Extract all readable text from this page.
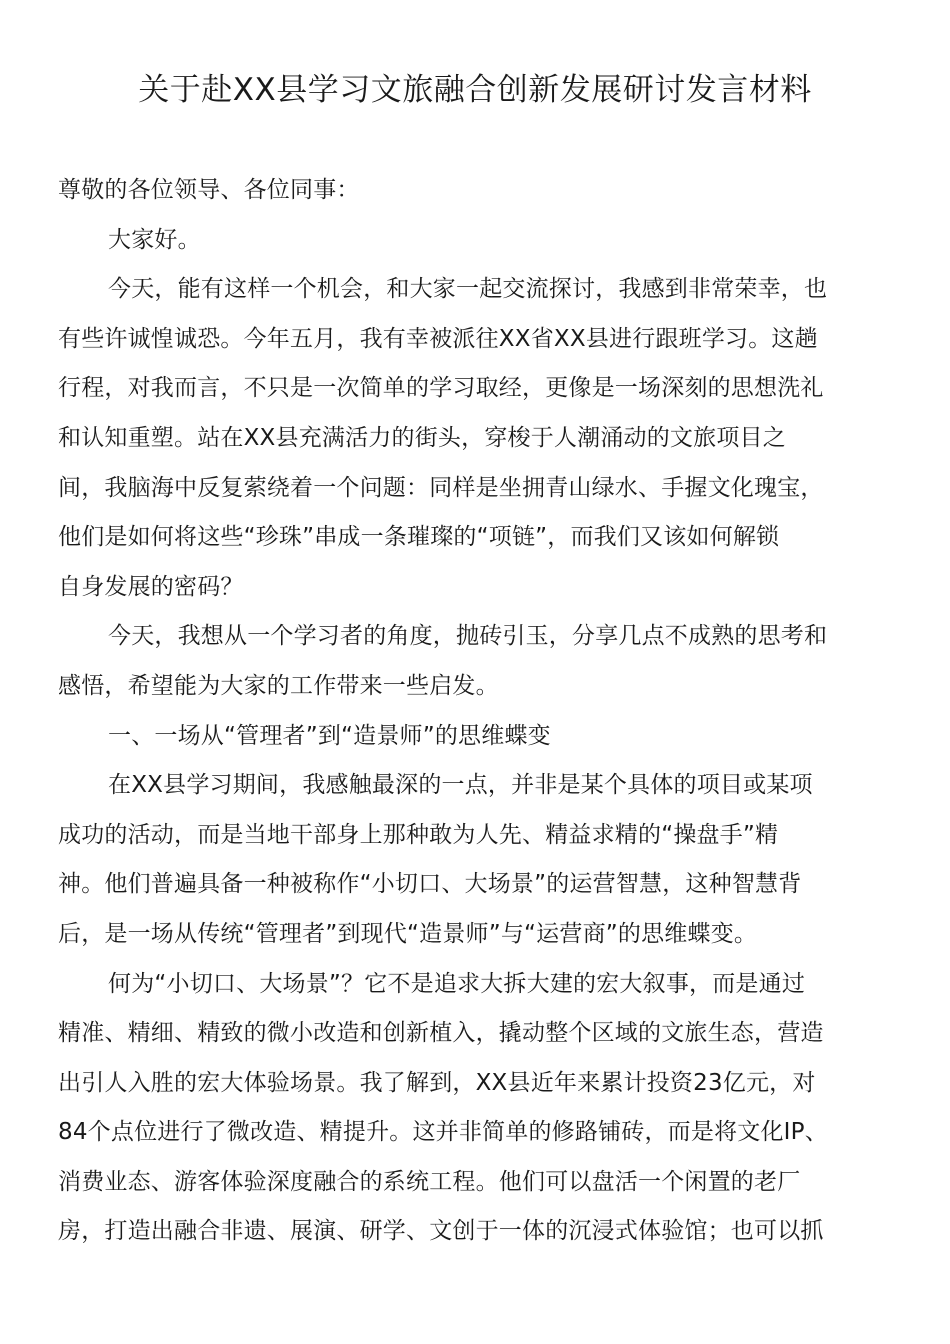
关于赴XX县学习文旅融合创新发展研讨发言材料
尊敬的各位领导、各位同事：
大家好。
今天，能有这样一个机会，和大家一起交流探讨，我感到非常荣幸，也
有些许诚惶诚恐。今年五月，我有幸被派往XX省XX县进行跟班学习。这趟
行程，对我而言，不只是一次简单的学习取经，更像是一场深刻的思想洗礼
和认知重塑。站在XX县充满活力的街头，穿梭于人潮涌动的文旅项目之
间，我脑海中反复萦绕着一个问题：同样是坐拥青山绿水、手握文化瑰宝，
他们是如何将这些“珍珠”串成一条璀璨的“项链”，而我们又该如何解锁
自身发展的密码？
今天，我想从一个学习者的角度，抛砖引玉，分享几点不成熟的思考和
感悟，希望能为大家的工作带来一些启发。
一、一场从“管理者”到“造景师”的思维蝶变
在XX县学习期间，我感触最深的一点，并非是某个具体的项目或某项
成功的活动，而是当地干部身上那种敢为人先、精益求精的“操盘手”精
神。他们普遍具备一种被称作“小切口、大场景”的运营智慧，这种智慧背
后，是一场从传统“管理者”到现代“造景师”与“运营商”的思维蝶变。
何为“小切口、大场景”？它不是追求大拆大建的宏大叙事，而是通过
精准、精细、精致的微小改造和创新植入，撬动整个区域的文旅生态，营造
出引人入胜的宏大体验场景。我了解到，XX县近年来累计投资23亿元，对
84个点位进行了微改造、精提升。这并非简单的修路铺砖，而是将文化IP、
消费业态、游客体验深度融合的系统工程。他们可以盘活一个闲置的老厂
房，打造出融合非遗、展演、研学、文创于一体的沉浸式体验馆；也可以抓
